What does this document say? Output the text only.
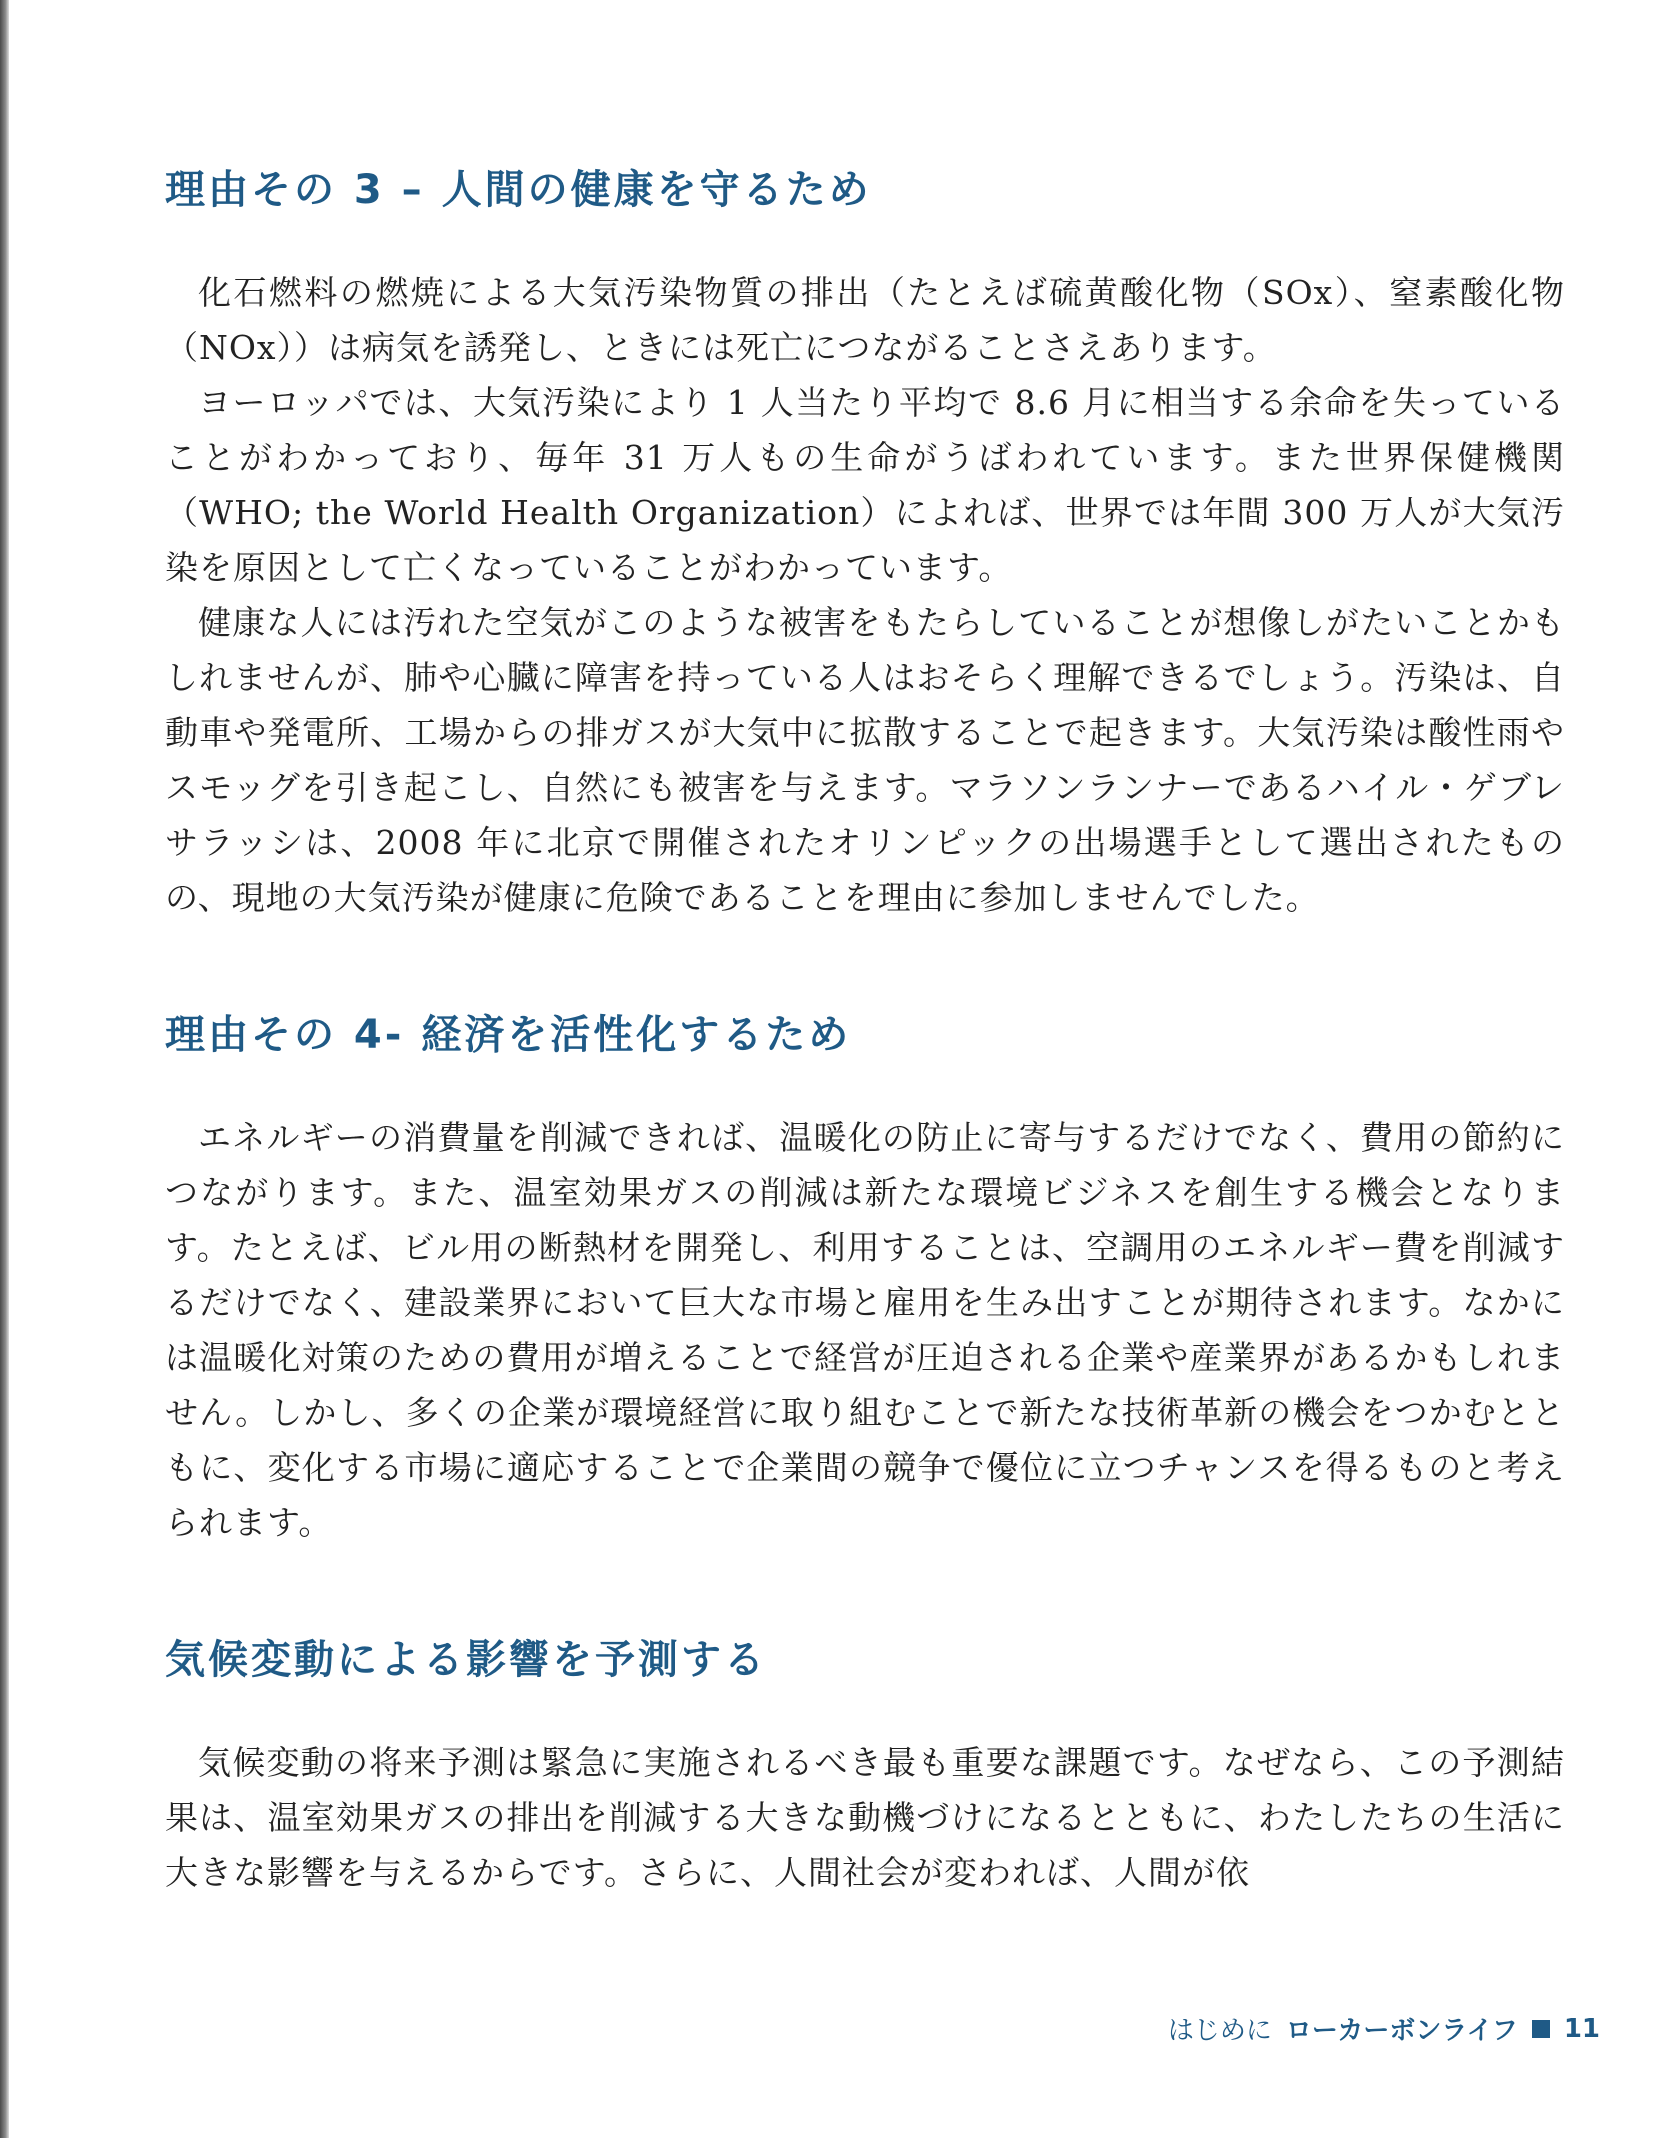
理由その 3 – 人間の健康を守るため

化石燃料の燃焼による大気汚染物質の排出（たとえば硫黄酸化物（SOx）、窒素酸化物（NOx））は病気を誘発し、ときには死亡につながることさえあります。

ヨーロッパでは、大気汚染により 1 人当たり平均で 8.6 月に相当する余命を失っていることがわかっており、毎年 31 万人もの生命がうばわれています。また世界保健機関（WHO; the World Health Organization）によれば、世界では年間 300 万人が大気汚染を原因として亡くなっていることがわかっています。

健康な人には汚れた空気がこのような被害をもたらしていることが想像しがたいことかもしれませんが、肺や心臓に障害を持っている人はおそらく理解できるでしょう。汚染は、自動車や発電所、工場からの排ガスが大気中に拡散することで起きます。大気汚染は酸性雨やスモッグを引き起こし、自然にも被害を与えます。マラソンランナーであるハイル・ゲブレサラッシは、2008 年に北京で開催されたオリンピックの出場選手として選出されたものの、現地の大気汚染が健康に危険であることを理由に参加しませんでした。

理由その 4- 経済を活性化するため

エネルギーの消費量を削減できれば、温暖化の防止に寄与するだけでなく、費用の節約につながります。また、温室効果ガスの削減は新たな環境ビジネスを創生する機会となります。たとえば、ビル用の断熱材を開発し、利用することは、空調用のエネルギー費を削減するだけでなく、建設業界において巨大な市場と雇用を生み出すことが期待されます。なかには温暖化対策のための費用が増えることで経営が圧迫される企業や産業界があるかもしれません。しかし、多くの企業が環境経営に取り組むことで新たな技術革新の機会をつかむとともに、変化する市場に適応することで企業間の競争で優位に立つチャンスを得るものと考えられます。

気候変動による影響を予測する

気候変動の将来予測は緊急に実施されるべき最も重要な課題です。なぜなら、この予測結果は、温室効果ガスの排出を削減する大きな動機づけになるとともに、わたしたちの生活に大きな影響を与えるからです。さらに、人間社会が変われば、人間が依

はじめに ローカーボンライフ 11
